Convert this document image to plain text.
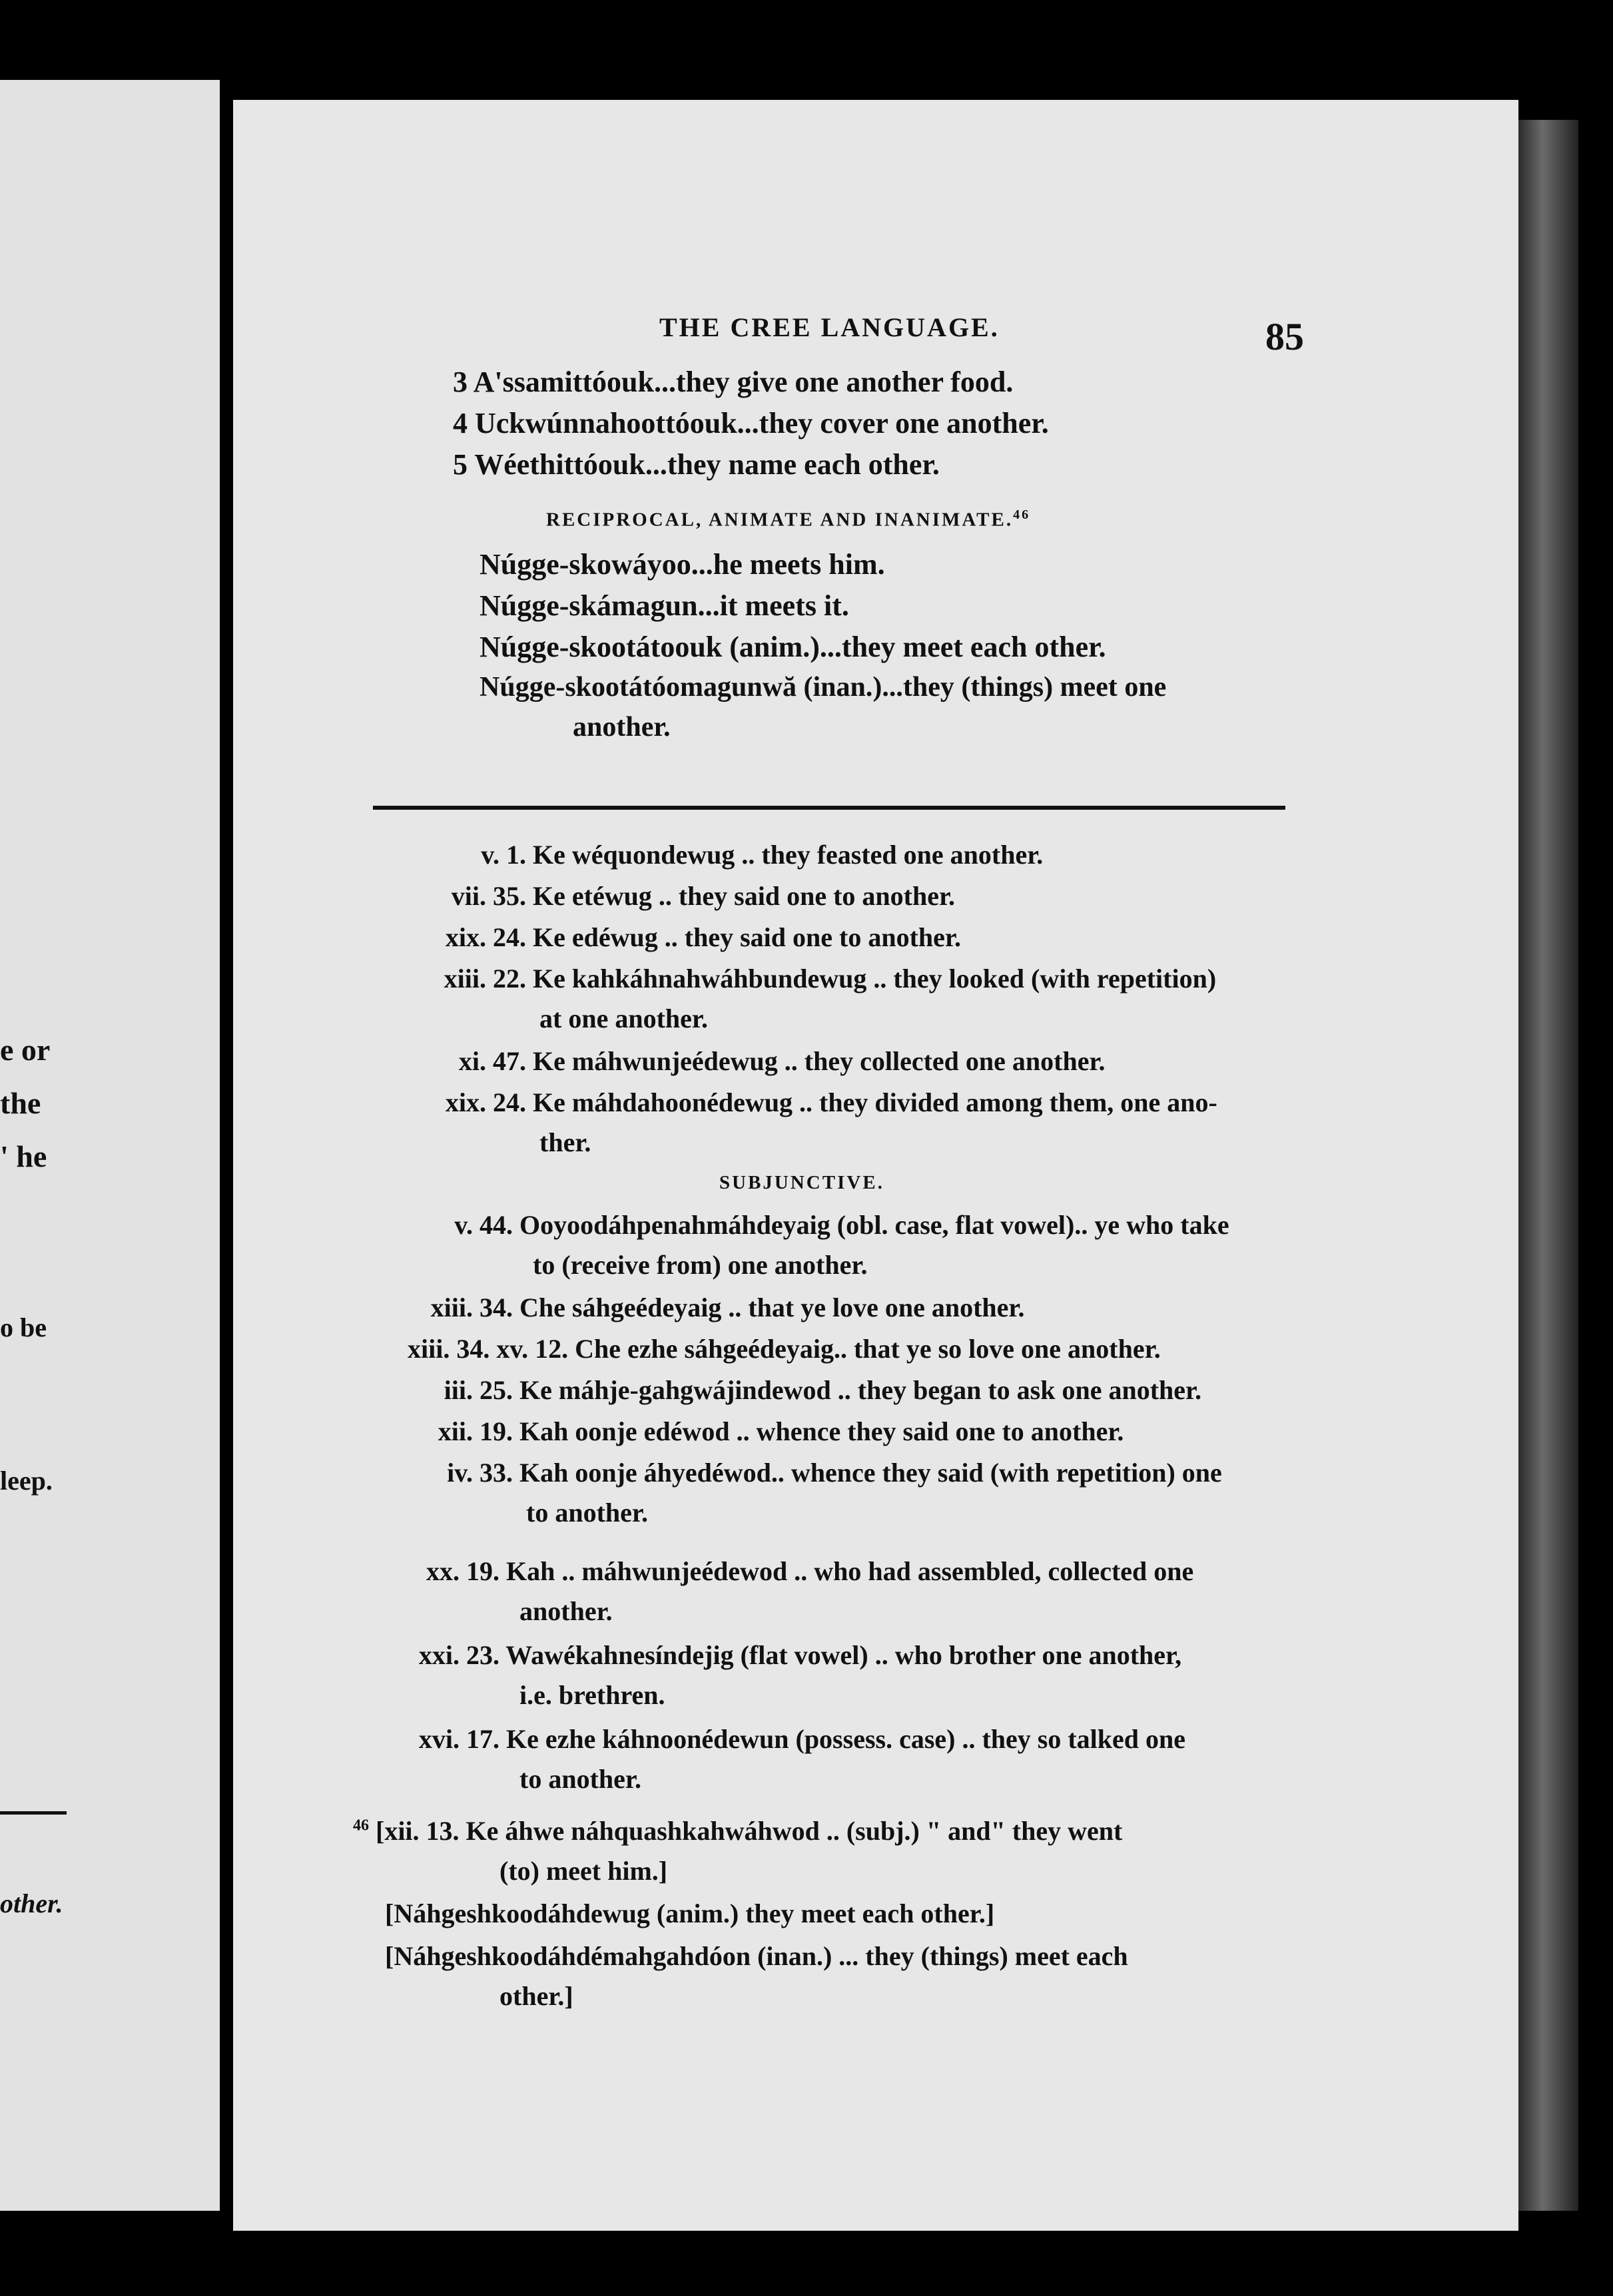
e or
the
' he
o be
leep.
other.
THE CREE LANGUAGE.	85
3 A'ssamittóouk...they give one another food.
4 Uckwúnnahoottóouk...they cover one another.
5 Wéethittóouk...they name each other.
RECIPROCAL, ANIMATE AND INANIMATE.$^{46}$
Núgge-skowáyoo...he meets him.
Núgge-skámagun...it meets it.
Núgge-skootátoouk (anim.)...they meet each other.
Núgge-skootátóomagunwă (inan.)...they (things) meet one
another.
v. 1. Ke wéquondewug .. they feasted one another.
vii. 35. Ke etéwug .. they said one to another.
xix. 24. Ke edéwug .. they said one to another.
xiii. 22. Ke kahkáhnahwáhbundewug .. they looked (with repetition)
at one another.
xi. 47. Ke máhwunjeédewug .. they collected one another.
xix. 24. Ke máhdahoonédewug .. they divided among them, one ano-
ther.
SUBJUNCTIVE.
v. 44. Ooyoodáhpenahmáhdeyaig (obl. case, flat vowel).. ye who take
to (receive from) one another.
xiii. 34. Che sáhgeédeyaig .. that ye love one another.
xiii. 34. xv. 12. Che ezhe sáhgeédeyaig.. that ye so love one another.
iii. 25. Ke máhje-gahgwájindewod .. they began to ask one another.
xii. 19. Kah oonje edéwod .. whence they said one to another.
iv. 33. Kah oonje áhyedéwod.. whence they said (with repetition) one
to another.
xx. 19. Kah .. máhwunjeédewod .. who had assembled, collected one
another.
xxi. 23. Wawékahnesíndejig (flat vowel) .. who brother one another,
i.e. brethren.
xvi. 17. Ke ezhe káhnoonédewun (possess. case) .. they so talked one
to another.
$^{46}$ [xii. 13. Ke áhwe náhquashkahwáhwod .. (subj.) " and" they went
(to) meet him.]
[Náhgeshkoodáhdewug (anim.) they meet each other.]
[Náhgeshkoodáhdémahgahdóon (inan.) ... they (things) meet each
other.]
